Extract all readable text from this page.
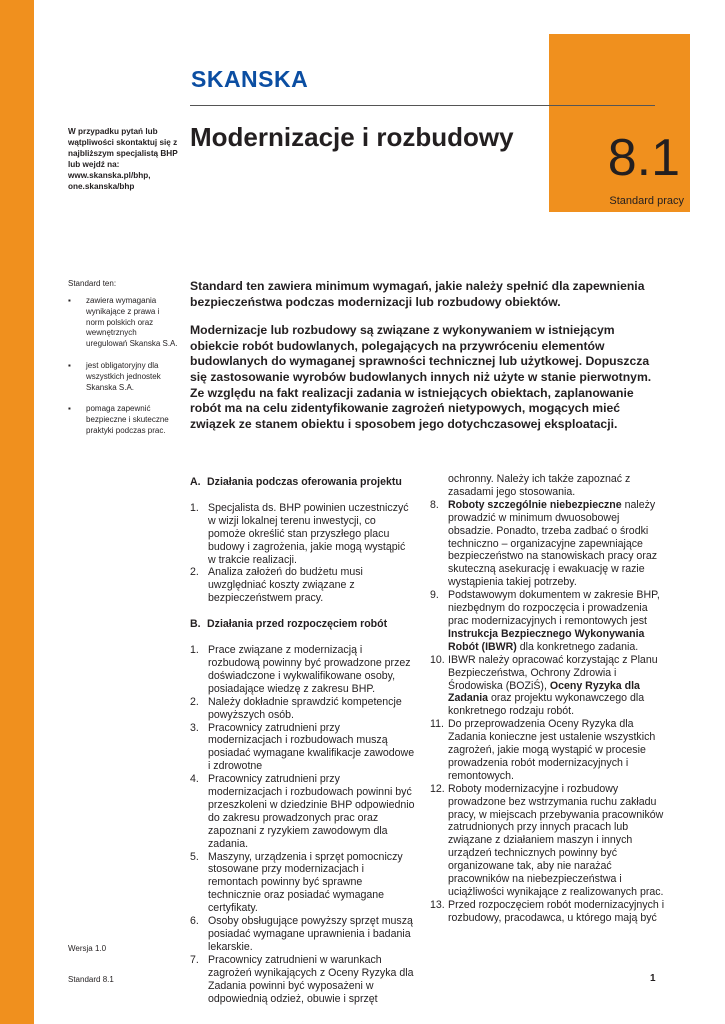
8.1
Standard pracy
SKANSKA
W przypadku pytań lub wątpliwości skontaktuj się z najbliższym specjalistą BHP lub wejdź na: www.skanska.pl/bhp, one.skanska/bhp
Modernizacje i rozbudowy
Standard ten:
▪ zawiera wymagania wynikające z prawa i norm polskich oraz wewnętrznych uregulowań Skanska S.A.
▪ jest obligatoryjny dla wszystkich jednostek Skanska S.A.
▪ pomaga zapewnić bezpieczne i skuteczne praktyki podczas prac.

Standard ten zawiera minimum wymagań, jakie należy spełnić dla zapewnienia bezpieczeństwa podczas modernizacji lub rozbudowy obiektów.

Modernizacje lub rozbudowy są związane z wykonywaniem w istniejącym obiekcie robót budowlanych, polegających na przywróceniu elementów budowlanych do wymaganej sprawności technicznej lub użytkowej. Dopuszcza się zastosowanie wyrobów budowlanych innych niż użyte w stanie pierwotnym. Ze względu na fakt realizacji zadania w istniejących obiektach, zaplanowanie robót ma na celu zidentyfikowanie zagrożeń nietypowych, mogących mieć związek ze stanem obiektu i sposobem jego dotychczasowej eksploatacji.

A. Działania podczas oferowania projektu
1. Specjalista ds. BHP powinien uczestniczyć w wizji lokalnej terenu inwestycji, co pomoże określić stan przyszłego placu budowy i zagrożenia, jakie mogą wystąpić w trakcie realizacji.
2. Analiza założeń do budżetu musi uwzględniać koszty związane z bezpieczeństwem pracy.
B. Działania przed rozpoczęciem robót
1. Prace związane z modernizacją i rozbudową powinny być prowadzone przez doświadczone i wykwalifikowane osoby, posiadające wiedzę z zakresu BHP.
2. Należy dokładnie sprawdzić kompetencje powyższych osób.
3. Pracownicy zatrudnieni przy modernizacjach i rozbudowach muszą posiadać wymagane kwalifikacje zawodowe i zdrowotne
4. Pracownicy zatrudnieni przy modernizacjach i rozbudowach powinni być przeszkoleni w dziedzinie BHP odpowiednio do zakresu prowadzonych prac oraz zapoznani z ryzykiem zawodowym dla zadania.
5. Maszyny, urządzenia i sprzęt pomocniczy stosowane przy modernizacjach i remontach powinny być sprawne technicznie oraz posiadać wymagane certyfikaty.
6. Osoby obsługujące powyższy sprzęt muszą posiadać wymagane uprawnienia i badania lekarskie.
7. Pracownicy zatrudnieni w warunkach zagrożeń wynikających z Oceny Ryzyka dla Zadania powinni być wyposażeni w odpowiednią odzież, obuwie i sprzęt
ochronny. Należy ich także zapoznać z zasadami jego stosowania.
8. Roboty szczególnie niebezpieczne należy prowadzić w minimum dwuosobowej obsadzie. Ponadto, trzeba zadbać o środki techniczno – organizacyjne zapewniające bezpieczeństwo na stanowiskach pracy oraz skuteczną asekurację i ewakuację w razie wystąpienia takiej potrzeby.
9. Podstawowym dokumentem w zakresie BHP, niezbędnym do rozpoczęcia i prowadzenia prac modernizacyjnych i remontowych jest Instrukcja Bezpiecznego Wykonywania Robót (IBWR) dla konkretnego zadania.
10. IBWR należy opracować korzystając z Planu Bezpieczeństwa, Ochrony Zdrowia i Środowiska (BOZiŚ), Oceny Ryzyka dla Zadania oraz projektu wykonawczego dla konkretnego rodzaju robót.
11. Do przeprowadzenia Oceny Ryzyka dla Zadania konieczne jest ustalenie wszystkich zagrożeń, jakie mogą wystąpić w procesie prowadzenia robót modernizacyjnych i remontowych.
12. Roboty modernizacyjne i rozbudowy prowadzone bez wstrzymania ruchu zakładu pracy, w miejscach przebywania pracowników zatrudnionych przy innych pracach lub związane z działaniem maszyn i innych urządzeń technicznych powinny być organizowane tak, aby nie narażać pracowników na niebezpieczeństwa i uciążliwości wynikające z realizowanych prac.
13. Przed rozpoczęciem robót modernizacyjnych i rozbudowy, pracodawca, u którego mają być
Wersja 1.0
Standard 8.1	1
